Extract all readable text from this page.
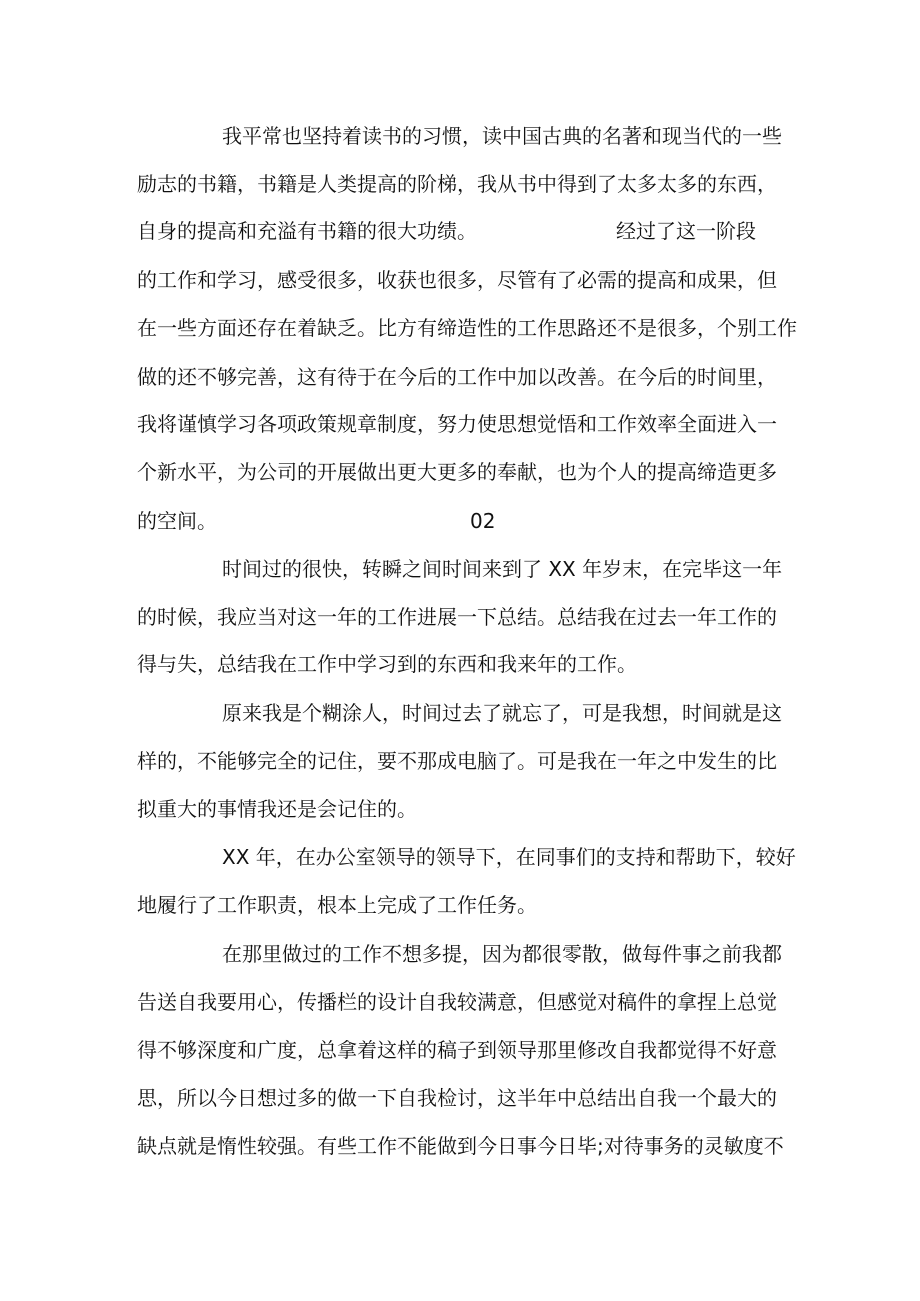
我平常也坚持着读书的习惯，读中国古典的名著和现当代的一些
励志的书籍，书籍是人类提高的阶梯，我从书中得到了太多太多的东西，
自身的提高和充溢有书籍的很大功绩。	经过了这一阶段
的工作和学习，感受很多，收获也很多，尽管有了必需的提高和成果，但
在一些方面还存在着缺乏。比方有缔造性的工作思路还不是很多，个别工作
做的还不够完善，这有待于在今后的工作中加以改善。在今后的时间里，
我将谨慎学习各项政策规章制度，努力使思想觉悟和工作效率全面进入一
个新水平，为公司的开展做出更大更多的奉献，也为个人的提高缔造更多
的空间。	02
时间过的很快，转瞬之间时间来到了 XX 年岁末，在完毕这一年
的时候，我应当对这一年的工作进展一下总结。总结我在过去一年工作的
得与失，总结我在工作中学习到的东西和我来年的工作。
原来我是个糊涂人，时间过去了就忘了，可是我想，时间就是这
样的，不能够完全的记住，要不那成电脑了。可是我在一年之中发生的比
拟重大的事情我还是会记住的。
XX 年，在办公室领导的领导下，在同事们的支持和帮助下，较好
地履行了工作职责，根本上完成了工作任务。
在那里做过的工作不想多提，因为都很零散，做每件事之前我都
告送自我要用心，传播栏的设计自我较满意，但感觉对稿件的拿捏上总觉
得不够深度和广度，总拿着这样的稿子到领导那里修改自我都觉得不好意
思，所以今日想过多的做一下自我检讨，这半年中总结出自我一个最大的
缺点就是惰性较强。有些工作不能做到今日事今日毕;对待事务的灵敏度不
